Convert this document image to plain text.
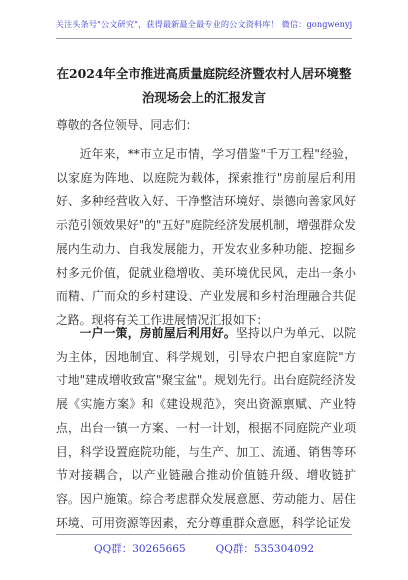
关注头条号"公文研究"，获得最新最全最专业的公文资料库！ 微信：gongwenyj
在2024年全市推进高质量庭院经济暨农村人居环境整治现场会上的汇报发言
尊敬的各位领导、同志们：

近年来，**市立足市情，学习借鉴"千万工程"经验，以家庭为阵地、以庭院为载体，探索推行"房前屋后利用好、多种经营收入好、干净整洁环境好、崇德向善家风好示范引领效果好"的"五好"庭院经济发展机制，增强群众发展内生动力、自我发展能力，开发农业多种功能、挖掘乡村多元价值，促就业稳增收、美环境优民风，走出一条小而精、广而众的乡村建设、产业发展和乡村治理融合共促之路。现将有关工作进展情况汇报如下：

一户一策，房前屋后利用好。坚持以户为单元、以院为主体，因地制宜、科学规划，引导农户把自家庭院"方寸地"建成增收致富"聚宝盆"。规划先行。出台庭院经济发展《实施方案》和《建设规范》，突出资源禀赋、产业特点，出台一镇一方案、一村一计划，根据不同庭院产业项目，科学设置庭院功能，与生产、加工、流通、销售等环节对接耦合，以产业链融合推动价值链升级、增收链扩容。因户施策。综合考虑群众发展意愿、劳动能力、居住环境、可用资源等因素，充分尊重群众意愿，科学论证发

QQ群：30265665	QQ群：535304092
